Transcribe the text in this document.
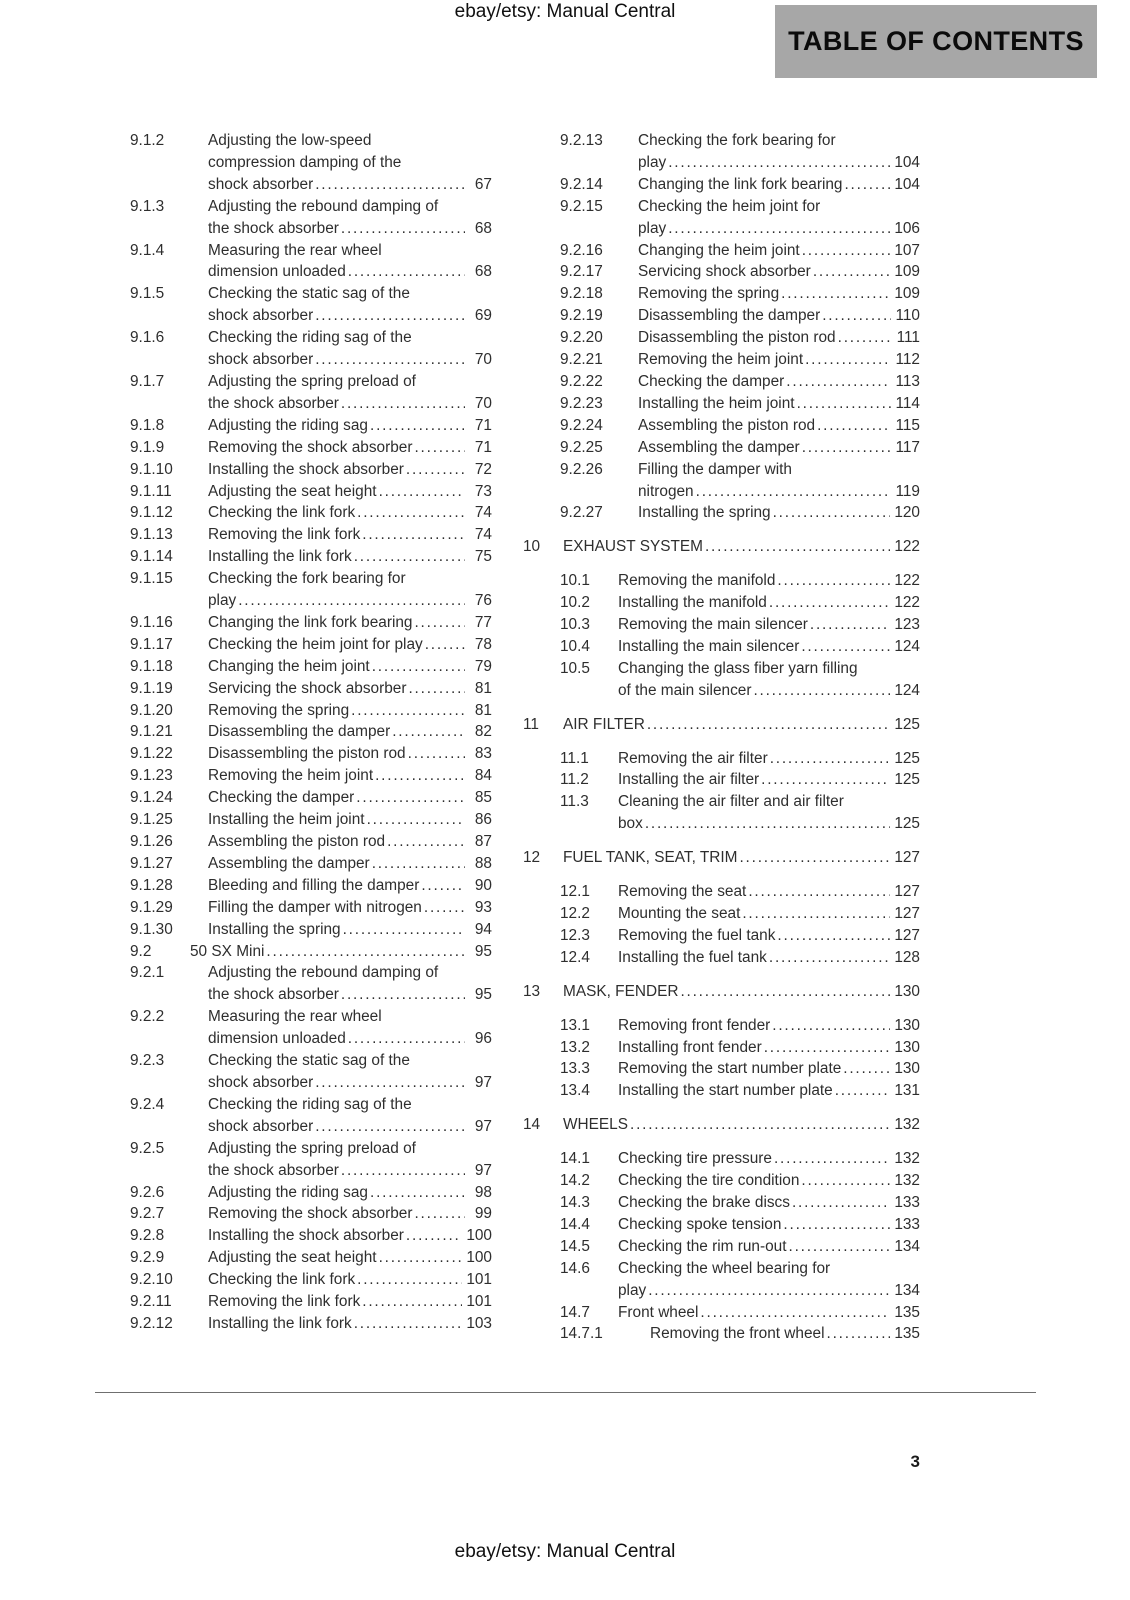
ebay/etsy: Manual Central
TABLE OF CONTENTS
9.1.2	Adjusting the low-speed
compression damping of the
shock absorber .....	67
9.1.3	Adjusting the rebound damping of
the shock absorber .....	68
9.1.4	Measuring the rear wheel
dimension unloaded .....	68
9.1.5	Checking the static sag of the
shock absorber .....	69
9.1.6	Checking the riding sag of the
shock absorber .....	70
9.1.7	Adjusting the spring preload of
the shock absorber .....	70
9.1.8	Adjusting the riding sag .....	71
9.1.9	Removing the shock absorber .....	71
9.1.10	Installing the shock absorber .....	72
9.1.11	Adjusting the seat height .....	73
9.1.12	Checking the link fork .....	74
9.1.13	Removing the link fork .....	74
9.1.14	Installing the link fork .....	75
9.1.15	Checking the fork bearing for
play .....	76
9.1.16	Changing the link fork bearing .....	77
9.1.17	Checking the heim joint for play .....	78
9.1.18	Changing the heim joint .....	79
9.1.19	Servicing the shock absorber .....	81
9.1.20	Removing the spring .....	81
9.1.21	Disassembling the damper .....	82
9.1.22	Disassembling the piston rod .....	83
9.1.23	Removing the heim joint .....	84
9.1.24	Checking the damper .....	85
9.1.25	Installing the heim joint .....	86
9.1.26	Assembling the piston rod .....	87
9.1.27	Assembling the damper .....	88
9.1.28	Bleeding and filling the damper .....	90
9.1.29	Filling the damper with nitrogen .....	93
9.1.30	Installing the spring .....	94
9.2	50 SX Mini .....	95
9.2.1	Adjusting the rebound damping of
the shock absorber .....	95
9.2.2	Measuring the rear wheel
dimension unloaded .....	96
9.2.3	Checking the static sag of the
shock absorber .....	97
9.2.4	Checking the riding sag of the
shock absorber .....	97
9.2.5	Adjusting the spring preload of
the shock absorber .....	97
9.2.6	Adjusting the riding sag .....	98
9.2.7	Removing the shock absorber .....	99
9.2.8	Installing the shock absorber .....	100
9.2.9	Adjusting the seat height .....	100
9.2.10	Checking the link fork .....	101
9.2.11	Removing the link fork .....	101
9.2.12	Installing the link fork .....	103
9.2.13	Checking the fork bearing for
play .....	104
9.2.14	Changing the link fork bearing .....	104
9.2.15	Checking the heim joint for
play .....	106
9.2.16	Changing the heim joint .....	107
9.2.17	Servicing shock absorber .....	109
9.2.18	Removing the spring .....	109
9.2.19	Disassembling the damper .....	110
9.2.20	Disassembling the piston rod .....	111
9.2.21	Removing the heim joint .....	112
9.2.22	Checking the damper .....	113
9.2.23	Installing the heim joint .....	114
9.2.24	Assembling the piston rod .....	115
9.2.25	Assembling the damper .....	117
9.2.26	Filling the damper with
nitrogen .....	119
9.2.27	Installing the spring .....	120
10	EXHAUST SYSTEM .....	122
10.1	Removing the manifold .....	122
10.2	Installing the manifold .....	122
10.3	Removing the main silencer .....	123
10.4	Installing the main silencer .....	124
10.5	Changing the glass fiber yarn filling
of the main silencer .....	124
11	AIR FILTER .....	125
11.1	Removing the air filter .....	125
11.2	Installing the air filter .....	125
11.3	Cleaning the air filter and air filter
box .....	125
12	FUEL TANK, SEAT, TRIM .....	127
12.1	Removing the seat .....	127
12.2	Mounting the seat .....	127
12.3	Removing the fuel tank .....	127
12.4	Installing the fuel tank .....	128
13	MASK, FENDER .....	130
13.1	Removing front fender .....	130
13.2	Installing front fender .....	130
13.3	Removing the start number plate .....	130
13.4	Installing the start number plate .....	131
14	WHEELS .....	132
14.1	Checking tire pressure .....	132
14.2	Checking the tire condition .....	132
14.3	Checking the brake discs .....	133
14.4	Checking spoke tension .....	133
14.5	Checking the rim run-out .....	134
14.6	Checking the wheel bearing for
play .....	134
14.7	Front wheel .....	135
14.7.1	Removing the front wheel .....	135
3
ebay/etsy: Manual Central
